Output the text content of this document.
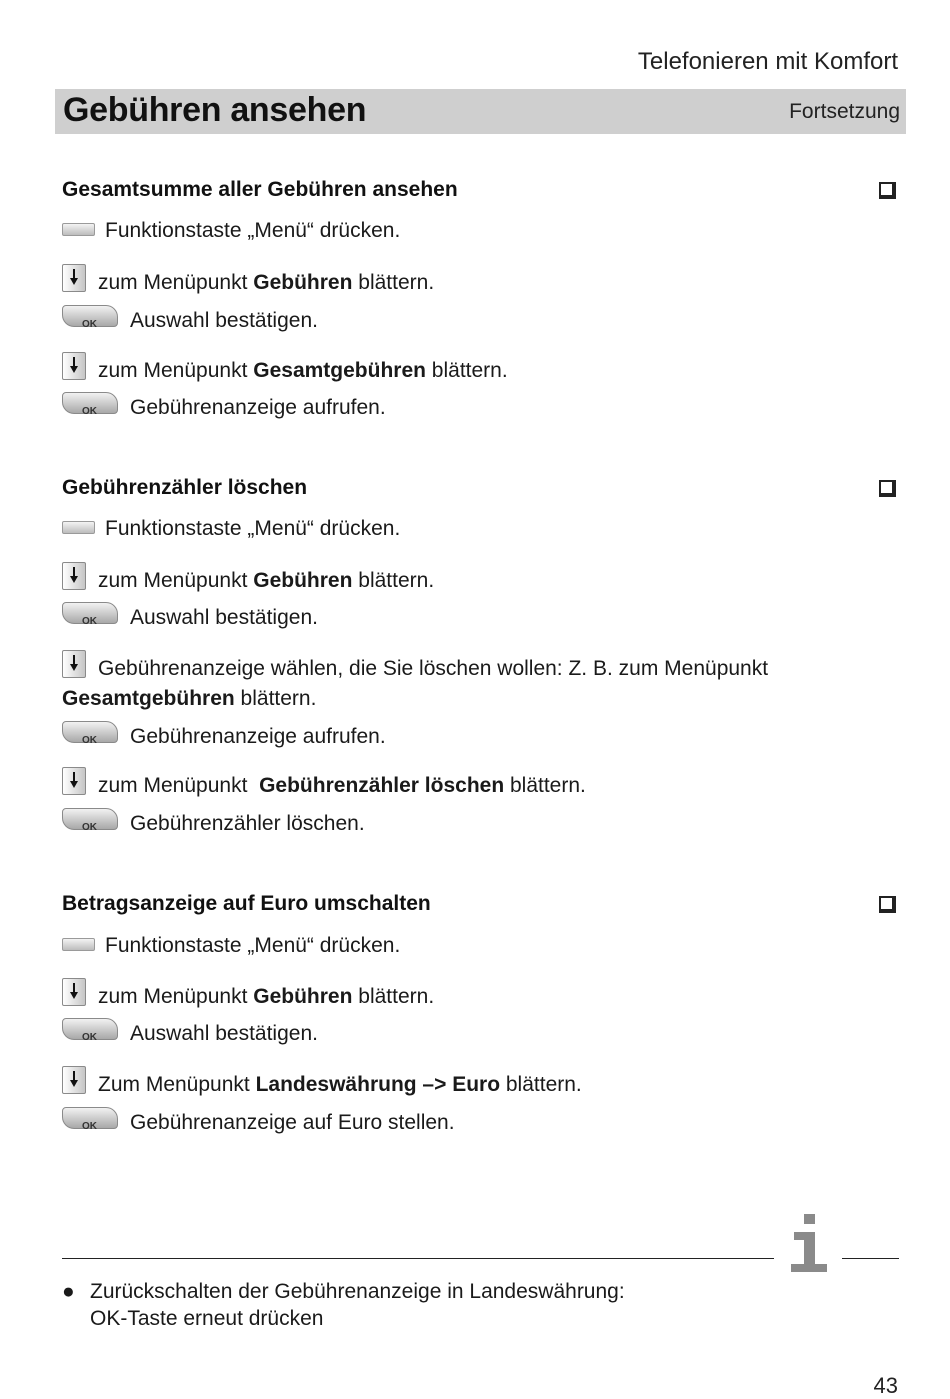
Telefonieren mit Komfort
Gebühren ansehen	Fortsetzung
Gesamtsumme aller Gebühren ansehen
Funktionstaste „Menü“ drücken.
zum Menüpunkt Gebühren blättern.
OK Auswahl bestätigen.
zum Menüpunkt Gesamtgebühren blättern.
OK Gebührenanzeige aufrufen.
Gebührenzähler löschen
Funktionstaste „Menü“ drücken.
zum Menüpunkt Gebühren blättern.
OK Auswahl bestätigen.
Gebührenanzeige wählen, die Sie löschen wollen: Z. B. zum Menüpunkt Gesamtgebühren blättern.
OK Gebührenanzeige aufrufen.
zum Menüpunkt  Gebührenzähler löschen blättern.
OK Gebührenzähler löschen.
Betragsanzeige auf Euro umschalten
Funktionstaste „Menü“ drücken.
zum Menüpunkt Gebühren blättern.
OK Auswahl bestätigen.
Zum Menüpunkt Landeswährung –> Euro blättern.
OK Gebührenanzeige auf Euro stellen.
● Zurückschalten der Gebührenanzeige in Landeswährung:
OK-Taste erneut drücken
43
